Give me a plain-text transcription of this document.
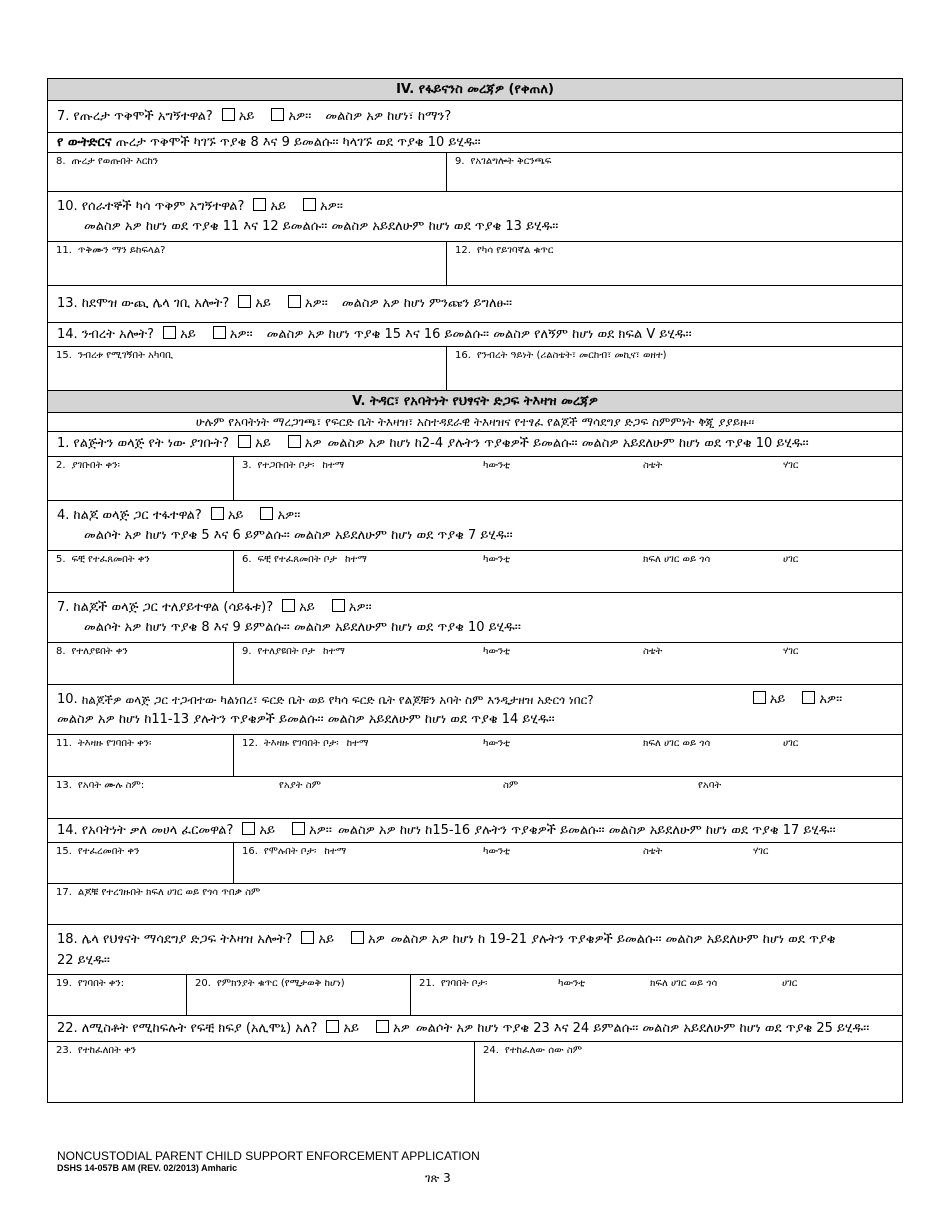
IV. የፋይናንስ መረጃዎ (የቀጠለ)
7. የጡረታ ጥቅሞች አግኝተዋል? አይ	አዎ፡፡ መልስዎ አዎ ከሆነ፣ ከማን?
የ ውትድርና ጡረታ ጥቅሞች ካገኙ ጥያቄ 8 እና 9 ይመልሱ፡፡ ካላገኙ ወደ ጥያቄ 10 ይሂዱ፡፡
8. ጡረታ የወጡበት እርከን	9. የአገልግሎት ቅርንጫፍ
10. የሰራተኞች ካሳ ጥቅም አግኝተዋል? አይ	አዎ፡፡
መልስዎ አዎ ከሆነ ወደ ጥያቄ 11 እና 12 ይመልሱ፡፡ መልስዎ አይደለሁም ከሆነ ወደ ጥያቄ 13 ይሂዱ፡፡
11. ጥቅሙን ማን ይከፍላል?	12. የካሳ የይገባኛል ቁጥር
13. ከደሞዝ ውጪ ሌላ ገቢ አሎት? አይ	አዎ፡፡ መልስዎ አዎ ከሆነ ምንጩን ይግለፁ፡፡
14. ንብረት አሎት? አይ	አዎ፡፡ መልስዎ አዎ ከሆነ ጥያቄ 15 እና 16 ይመልሱ፡፡ መልስዎ የለኝም ከሆነ ወደ ክፍል V ይሂዱ፡፡
15. ንብረቱ የሚገኝበት አካባቢ	16. የንብረት ዓይነት (ሪልስቴት፣ መርከብ፣ መኪና፣ ወዘተ)
V. ትዳር፣ የአባትነት የህፃናት ድጋፍ ትእዛዝ መረጃዎ
ሁሉም የአባትነት ማረጋገጫ፣ የፍርድ ቤት ትእዛዝ፣ አስተዳደራዊ ትእዛዝና የተፃፈ የልጆች ማሳደግያ ድጋፍ ስምምነት ቅጂ ያያይዙ፡፡
1. የልጅትን ወላጅ የት ነው ያገቡት? አይ	አዎ መልስዎ አዎ ከሆነ ከ2-4 ያሉትን ጥያቄዎች ይመልሱ፡፡ መልስዎ አይደለሁም ከሆነ ወደ ጥያቄ 10 ይሂዱ፡፡
2. ያገቡበት ቀን፡	3. የተጋቡበት ቦታ፡ ከተማ	ካውንቲ	ስቴት	ሃገር
4. ከልጆ ወላጅ ጋር ተፋተዋል? አይ	አዎ፡፡
መልሶት አዎ ከሆነ ጥያቄ 5 እና 6 ይምልሱ፡፡ መልስዎ አይደለሁም ከሆነ ወደ ጥያቄ 7 ይሂዱ፡፡
5. ፍቺ የተፈጸመበት ቀን	6. ፍቺ የተፈጸመበት ቦታ ከተማ	ካውንቲ	ክፍለ ሀገር ወይ ጎሳ	ሀገር
7. ከልጆች ወላጅ ጋር ተለያይተዋል (ሳይፋቱ)? አይ	አዎ፡፡
መልሶት አዎ ከሆነ ጥያቄ 8 እና 9 ይምልሱ፡፡ መልስዎ አይደለሁም ከሆነ ወደ ጥያቄ 10 ይሂዱ፡፡
8. የተለያዩበት ቀን	9. የተለያዩበት ቦታ ከተማ	ካውንቲ	ስቴት	ሃገር
10. ከልጆችዎ ወላጅ ጋር ተጋብተው ካልነበረ፣ ፍርድ ቤት ወይ የካሳ ፍርድ ቤት የልጆቹን አባት ስም እንዲታዘዝ አድርጎ ነበር?	አይ	አዎ፡፡
መልስዎ አዎ ከሆነ ከ11-13 ያሉትን ጥያቄዎች ይመልሱ፡፡ መልስዎ አይደለሁም ከሆነ ወደ ጥያቄ 14 ይሂዱ፡፡
11. ትእዛዙ የገባበት ቀን፡	12. ትእዛዙ የገባበት ቦታ፡ ከተማ	ካውንቲ	ክፍለ ሀገር ወይ ጎሳ	ሀገር
13. የአባት ሙሉ ስም:	የአያት ስም	ስም	የአባት
14. የአባትነት ቃለ መሀላ ፈርመዋል? አይ	አዎ፡፡ መልስዎ አዎ ከሆነ ከ15-16 ያሉትን ጥያቄዎች ይመልሱ፡፡ መልስዎ አይደለሁም ከሆነ ወደ ጥያቄ 17 ይሂዱ፡፡
15. የተፈረመበት ቀን	16. የሞሉበት ቦታ፡ ከተማ	ካውንቲ	ስቴት	ሃገር
17. ልጆቹ የተረገዙበት ክፍለ ሀገር ወይ የጎሳ ጥበቃ ስም
18. ሌላ የህፃናት ማሳደግያ ድጋፍ ትእዛዝ አሎት? አይ	አዎ መልስዎ አዎ ከሆነ ከ 19-21 ያሉትን ጥያቄዎች ይመልሱ፡፡ መልስዎ አይደለሁም ከሆነ ወደ ጥያቄ
22 ይሂዱ፡፡
19. የገባበት ቀን:	20. የምክንያት ቁጥር (የሚታወቅ ከሆነ)	21. የገባበት ቦታ፡	ካውንቲ	ክፍለ ሀገር ወይ ጎሳ	ሀገር
22. ለሚስቶት የሚከፍሉት የፍቺ ክፍያ (አሊሞኒ) አለ? አይ	አዎ መልሶት አዎ ከሆነ ጥያቄ 23 እና 24 ይምልሱ፡፡ መልስዎ አይደለሁም ከሆነ ወደ ጥያቄ 25 ይሂዱ፡፡
23. የተከፈለበት ቀን	24. የተከፈለው ሰው ስም
NONCUSTODIAL PARENT CHILD SUPPORT ENFORCEMENT APPLICATION
DSHS 14-057B AM (REV. 02/2013) Amharic
ገጽ 3
